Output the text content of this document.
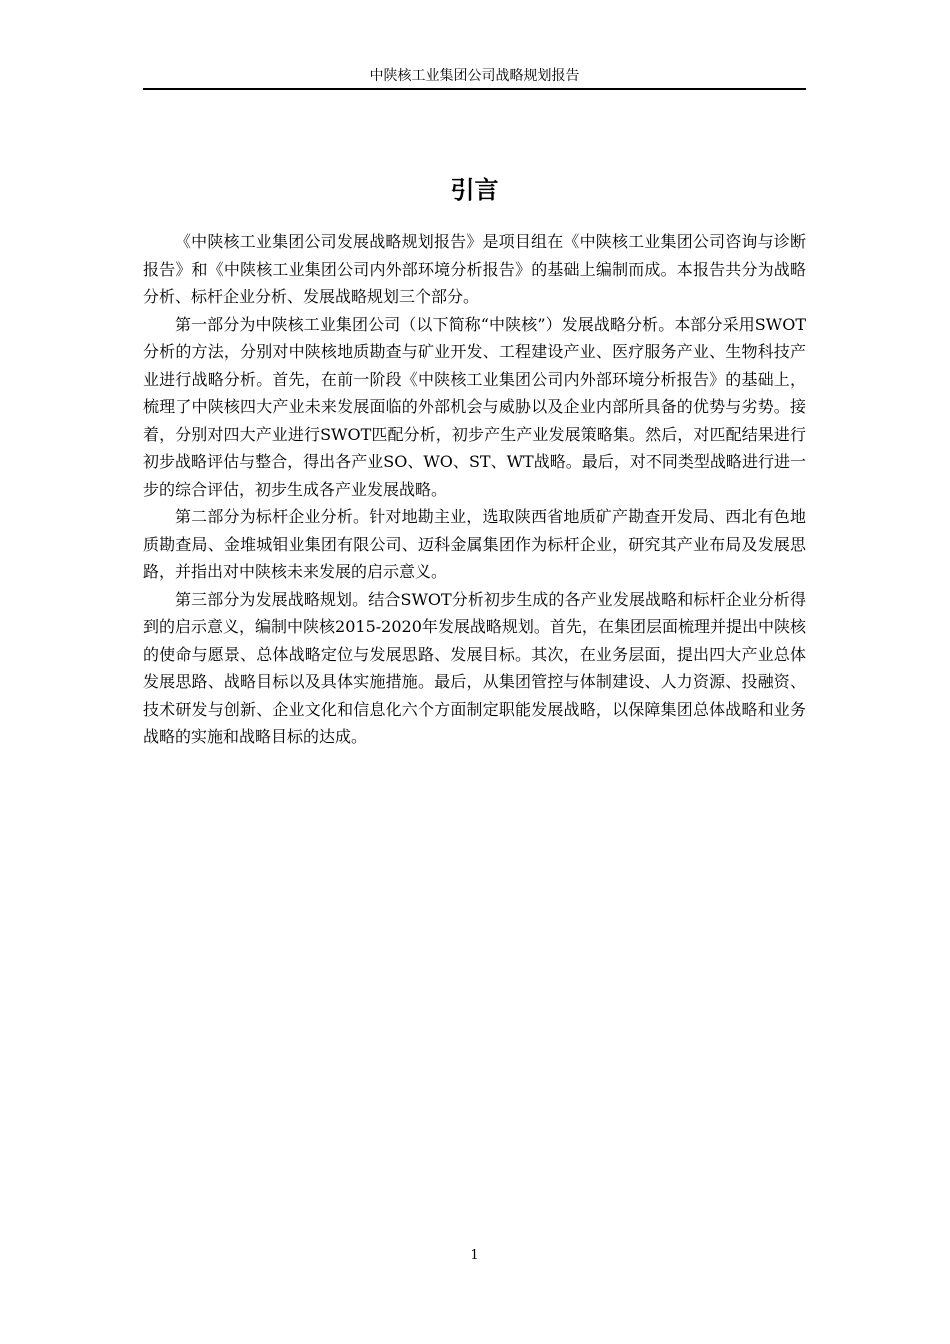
中陕核工业集团公司战略规划报告
引言

《中陕核工业集团公司发展战略规划报告》是项目组在《中陕核工业集团公司咨询与诊断报告》和《中陕核工业集团公司内外部环境分析报告》的基础上编制而成。本报告共分为战略分析、标杆企业分析、发展战略规划三个部分。

第一部分为中陕核工业集团公司（以下简称“中陕核”）发展战略分析。本部分采用SWOT分析的方法，分别对中陕核地质勘查与矿业开发、工程建设产业、医疗服务产业、生物科技产业进行战略分析。首先，在前一阶段《中陕核工业集团公司内外部环境分析报告》的基础上，梳理了中陕核四大产业未来发展面临的外部机会与威胁以及企业内部所具备的优势与劣势。接着，分别对四大产业进行SWOT匹配分析，初步产生产业发展策略集。然后，对匹配结果进行初步战略评估与整合，得出各产业SO、WO、ST、WT战略。最后，对不同类型战略进行进一步的综合评估，初步生成各产业发展战略。

第二部分为标杆企业分析。针对地勘主业，选取陕西省地质矿产勘查开发局、西北有色地质勘查局、金堆城钼业集团有限公司、迈科金属集团作为标杆企业，研究其产业布局及发展思路，并指出对中陕核未来发展的启示意义。

第三部分为发展战略规划。结合SWOT分析初步生成的各产业发展战略和标杆企业分析得到的启示意义，编制中陕核2015-2020年发展战略规划。首先，在集团层面梳理并提出中陕核的使命与愿景、总体战略定位与发展思路、发展目标。其次，在业务层面，提出四大产业总体发展思路、战略目标以及具体实施措施。最后，从集团管控与体制建设、人力资源、投融资、技术研发与创新、企业文化和信息化六个方面制定职能发展战略，以保障集团总体战略和业务战略的实施和战略目标的达成。

1
